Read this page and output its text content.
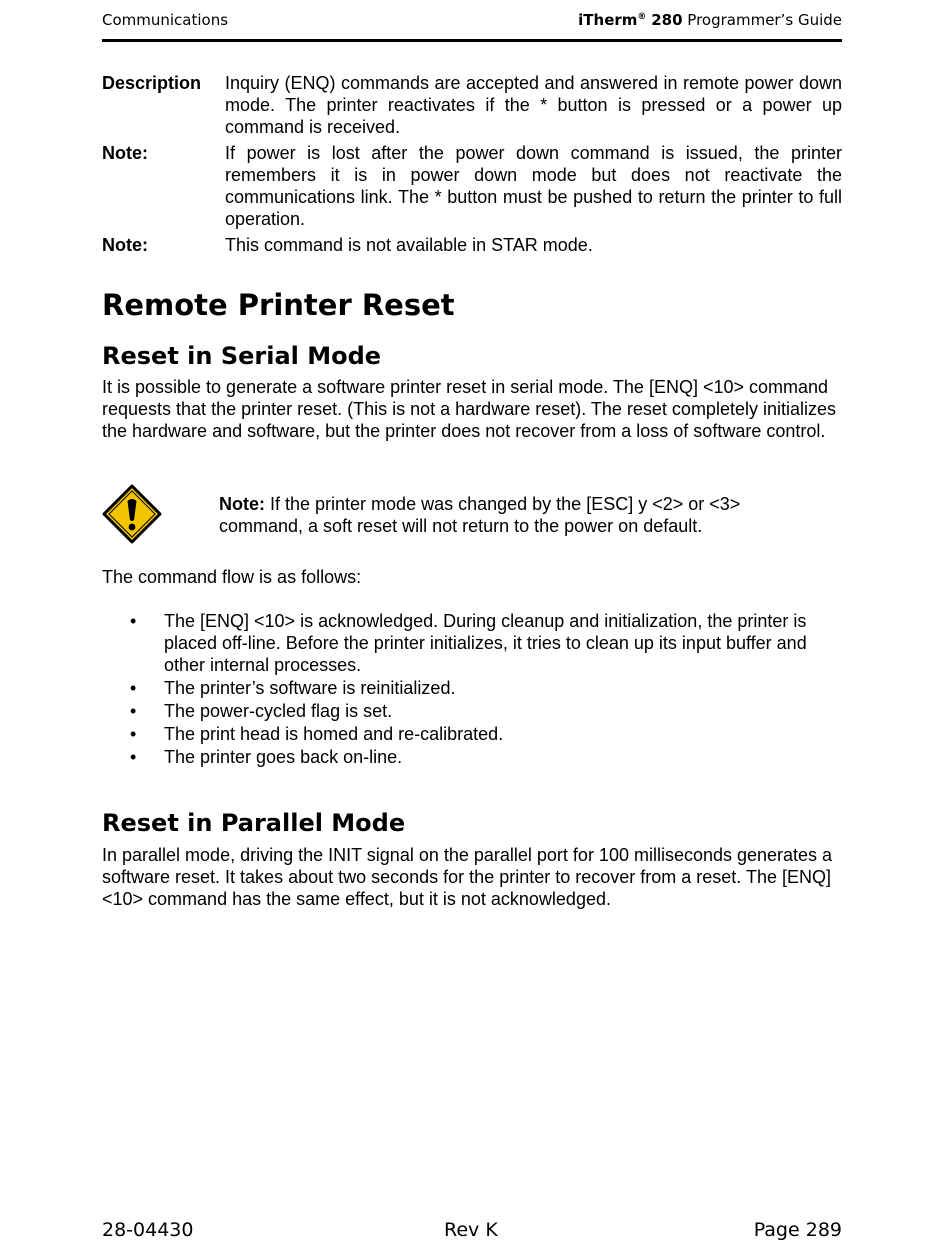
Communications	iTherm® 280 Programmer’s Guide
Description	Inquiry (ENQ) commands are accepted and answered in remote power down mode. The printer reactivates if the * button is pressed or a power up command is received.
Note:	If power is lost after the power down command is issued, the printer remembers it is in power down mode but does not reactivate the communications link. The * button must be pushed to return the printer to full operation.
Note:	This command is not available in STAR mode.
Remote Printer Reset
Reset in Serial Mode

It is possible to generate a software printer reset in serial mode. The [ENQ] <10> command requests that the printer reset. (This is not a hardware reset). The reset completely initializes the hardware and software, but the printer does not recover from a loss of software control.

Note: If the printer mode was changed by the [ESC] y <2> or <3> command, a soft reset will not return to the power on default.

The command flow is as follows:

• The [ENQ] <10> is acknowledged. During cleanup and initialization, the printer is placed off-line. Before the printer initializes, it tries to clean up its input buffer and other internal processes.
• The printer’s software is reinitialized.
• The power-cycled flag is set.
• The print head is homed and re-calibrated.
• The printer goes back on-line.
Reset in Parallel Mode

In parallel mode, driving the INIT signal on the parallel port for 100 milliseconds generates a software reset. It takes about two seconds for the printer to recover from a reset. The [ENQ] <10> command has the same effect, but it is not acknowledged.

28-04430	Rev K	Page 289
